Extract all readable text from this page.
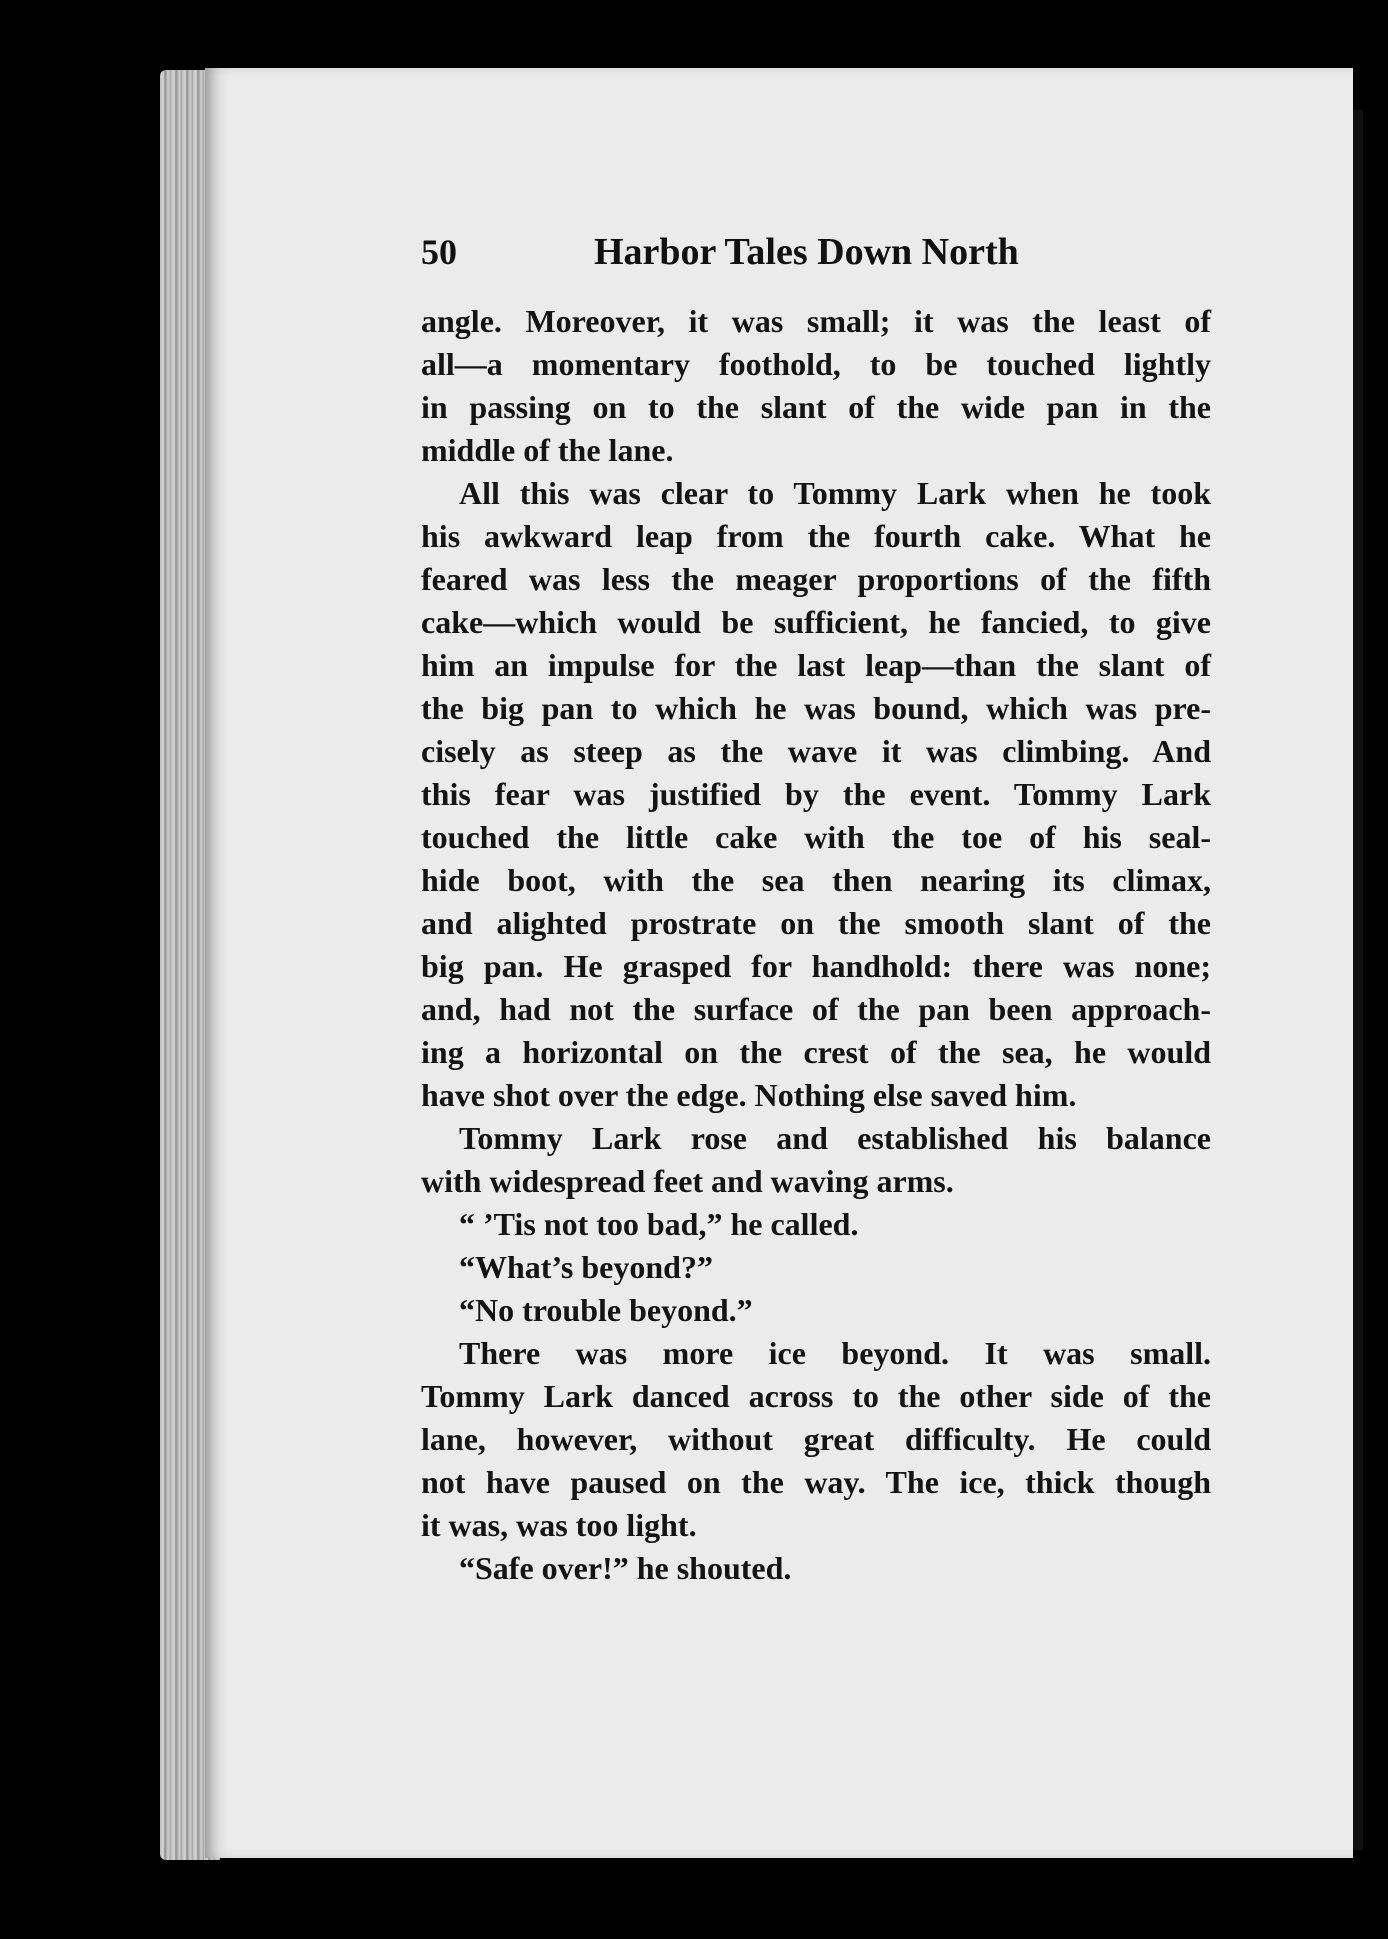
50	Harbor Tales Down North
angle. Moreover, it was small; it was the least of
all—a momentary foothold, to be touched lightly
in passing on to the slant of the wide pan in the
middle of the lane.
All this was clear to Tommy Lark when he took
his awkward leap from the fourth cake. What he
feared was less the meager proportions of the fifth
cake—which would be sufficient, he fancied, to give
him an impulse for the last leap—than the slant of
the big pan to which he was bound, which was pre-
cisely as steep as the wave it was climbing. And
this fear was justified by the event. Tommy Lark
touched the little cake with the toe of his seal-
hide boot, with the sea then nearing its climax,
and alighted prostrate on the smooth slant of the
big pan. He grasped for handhold: there was none;
and, had not the surface of the pan been approach-
ing a horizontal on the crest of the sea, he would
have shot over the edge. Nothing else saved him.
Tommy Lark rose and established his balance
with widespread feet and waving arms.
“ ’Tis not too bad,” he called.
“What’s beyond?”
“No trouble beyond.”
There was more ice beyond. It was small.
Tommy Lark danced across to the other side of the
lane, however, without great difficulty. He could
not have paused on the way. The ice, thick though
it was, was too light.
“Safe over!” he shouted.
